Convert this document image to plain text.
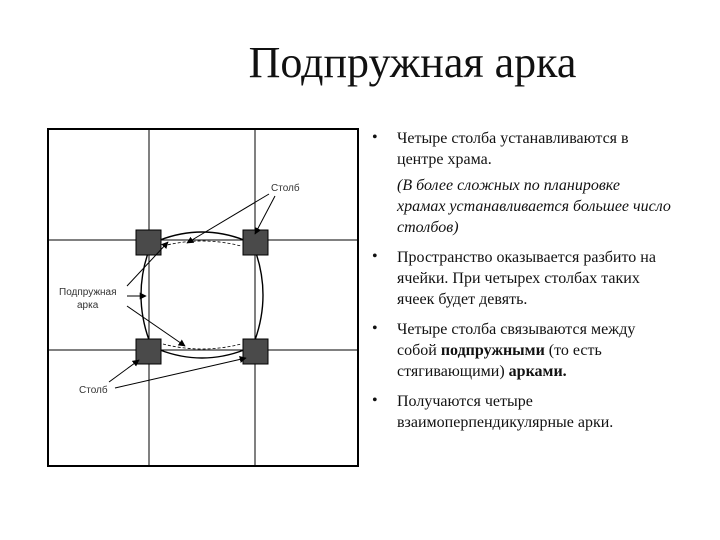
Подпружная арка
Столб
Подпружная
арка
Столб
• Четыре столба устанавливаются в центре храма.
(В более сложных по планировке храмах устанавливается большее число столбов)
• Пространство оказывается разбито на ячейки. При четырех столбах таких ячеек будет девять.
• Четыре столба связываются между собой подпружными (то есть стягивающими) арками.
• Получаются четыре взаимоперпендикулярные арки.
